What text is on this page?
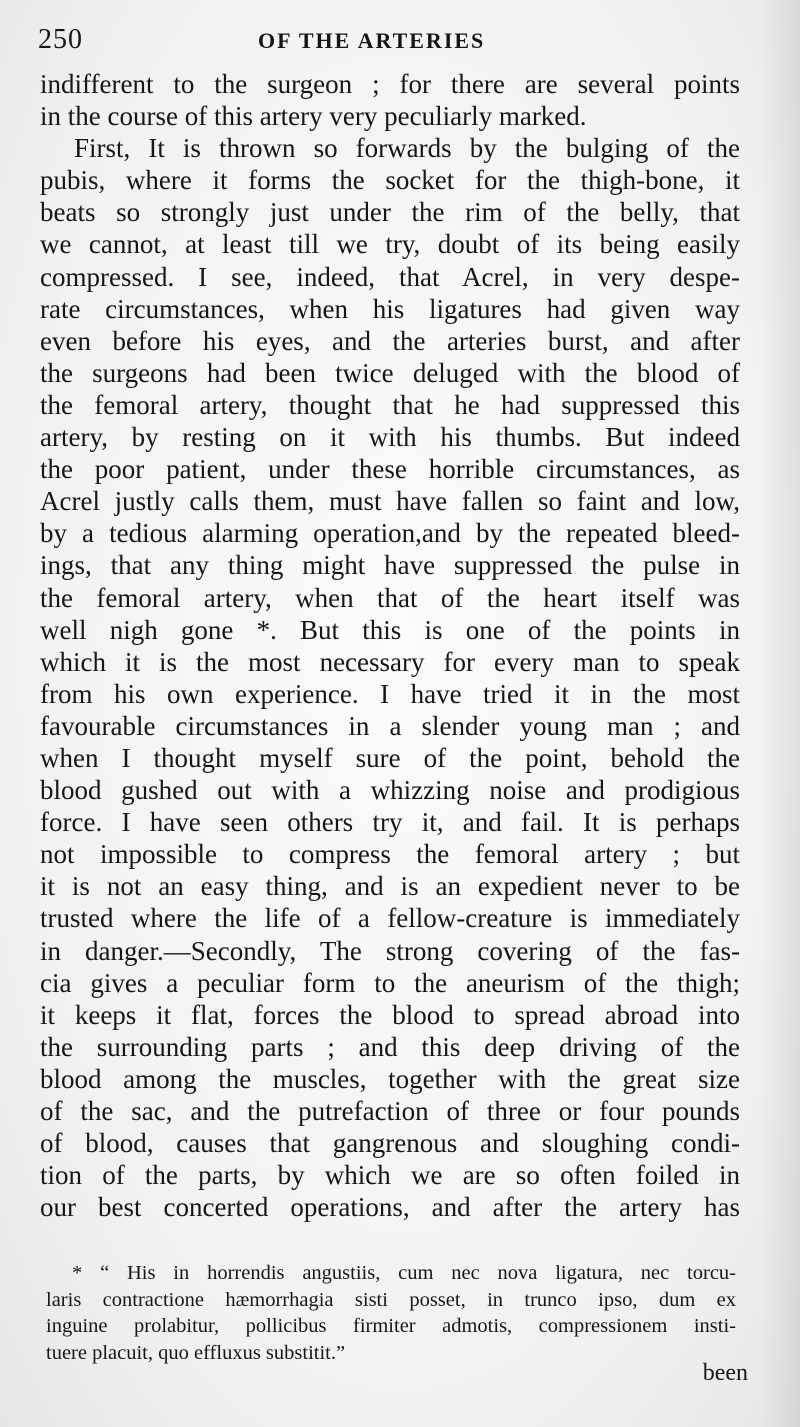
250	OF THE ARTERIES

indifferent to the surgeon ; for there are several points
in the course of this artery very peculiarly marked.
First, It is thrown so forwards by the bulging of the
pubis, where it forms the socket for the thigh-bone, it
beats so strongly just under the rim of the belly, that
we cannot, at least till we try, doubt of its being easily
compressed. I see, indeed, that Acrel, in very despe-
rate circumstances, when his ligatures had given way
even before his eyes, and the arteries burst, and after
the surgeons had been twice deluged with the blood of
the femoral artery, thought that he had suppressed this
artery, by resting on it with his thumbs. But indeed
the poor patient, under these horrible circumstances, as
Acrel justly calls them, must have fallen so faint and low,
by a tedious alarming operation,and by the repeated bleed-
ings, that any thing might have suppressed the pulse in
the femoral artery, when that of the heart itself was
well nigh gone *. But this is one of the points in
which it is the most necessary for every man to speak
from his own experience. I have tried it in the most
favourable circumstances in a slender young man ; and
when I thought myself sure of the point, behold the
blood gushed out with a whizzing noise and prodigious
force. I have seen others try it, and fail. It is perhaps
not impossible to compress the femoral artery ; but
it is not an easy thing, and is an expedient never to be
trusted where the life of a fellow-creature is immediately
in danger.—Secondly, The strong covering of the fas-
cia gives a peculiar form to the aneurism of the thigh;
it keeps it flat, forces the blood to spread abroad into
the surrounding parts ; and this deep driving of the
blood among the muscles, together with the great size
of the sac, and the putrefaction of three or four pounds
of blood, causes that gangrenous and sloughing condi-
tion of the parts, by which we are so often foiled in
our best concerted operations, and after the artery has

* “ His in horrendis angustiis, cum nec nova ligatura, nec torcu-
laris contractione hæmorrhagia sisti posset, in trunco ipso, dum ex
inguine prolabitur, pollicibus firmiter admotis, compressionem insti-
tuere placuit, quo effluxus substitit.”

been
